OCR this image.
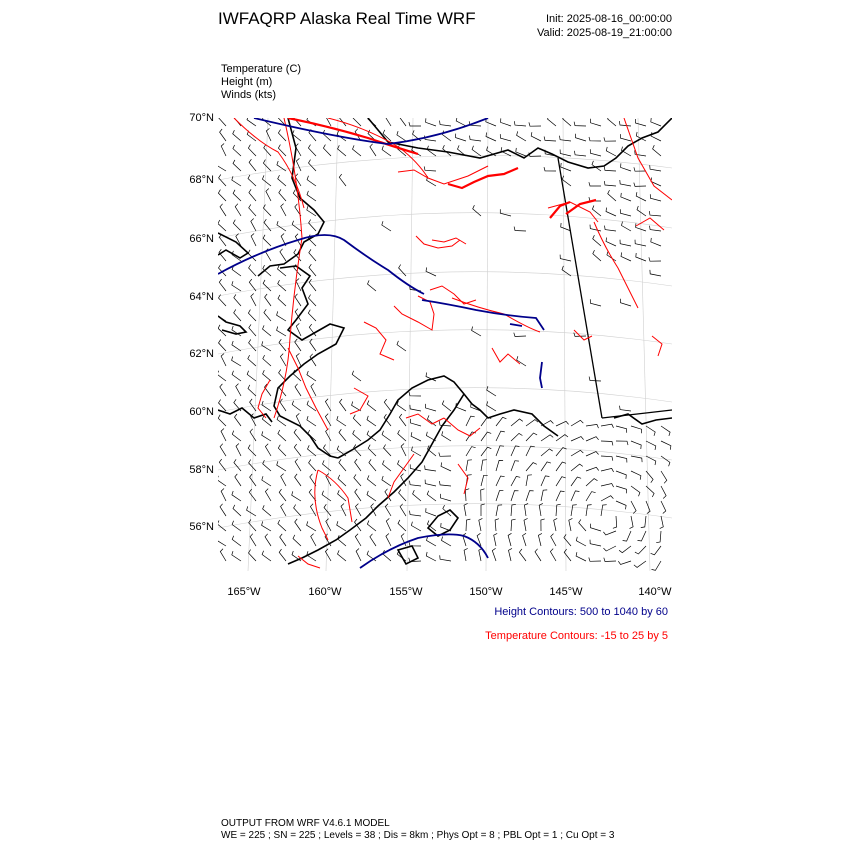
IWFAQRP Alaska Real Time WRF	Init: 2025-08-16_00:00:00
Valid: 2025-08-19_21:00:00
Temperature (C)
Height (m)
Winds (kts)
70°N
68°N
66°N
64°N
62°N
60°N
58°N
56°N
165°W	160°W	155°W	150°W	145°W	140°W
Height Contours: 500 to 1040 by 60
Temperature Contours: -15 to 25 by 5
OUTPUT FROM WRF V4.6.1 MODEL
WE = 225 ; SN = 225 ; Levels = 38 ; Dis = 8km ; Phys Opt = 8 ; PBL Opt = 1 ; Cu Opt = 3
